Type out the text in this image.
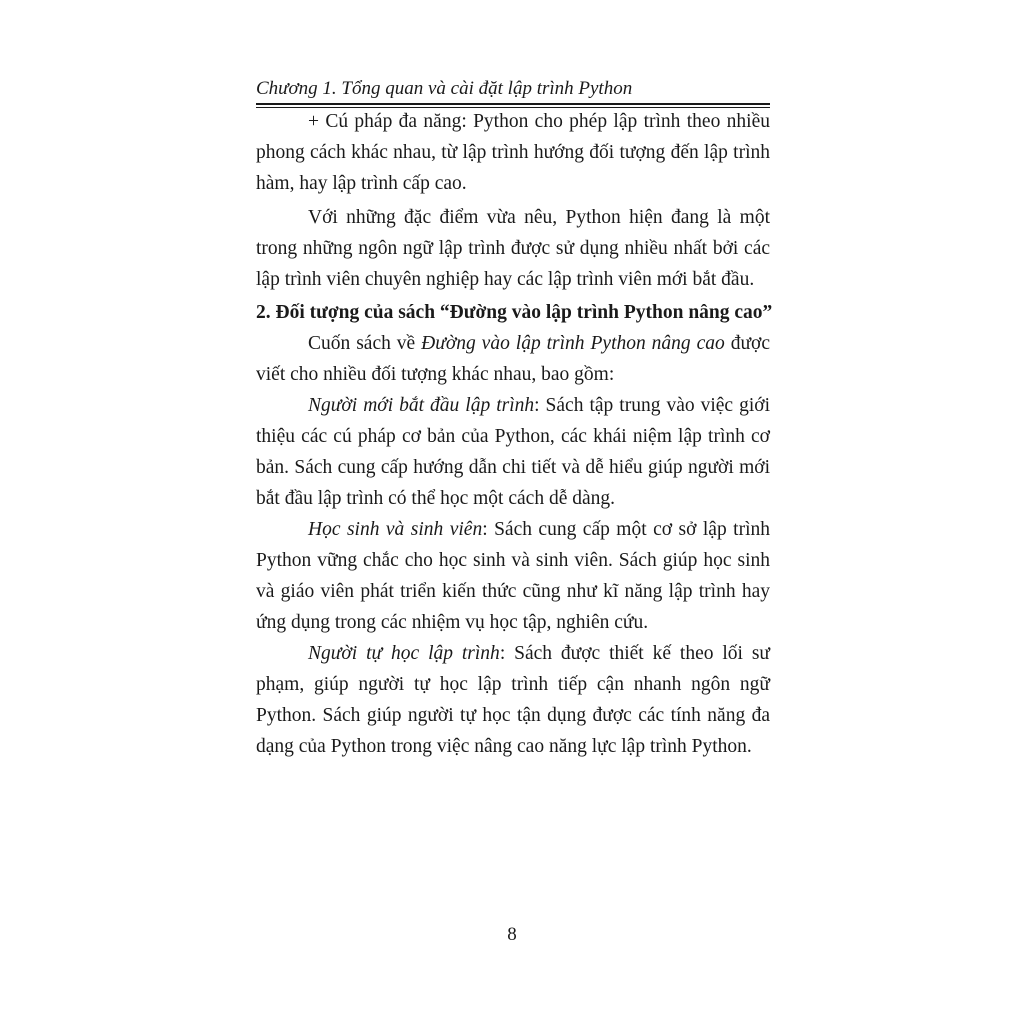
Chương 1. Tổng quan và cài đặt lập trình Python

+ Cú pháp đa năng: Python cho phép lập trình theo nhiều phong cách khác nhau, từ lập trình hướng đối tượng đến lập trình hàm, hay lập trình cấp cao.

Với những đặc điểm vừa nêu, Python hiện đang là một trong những ngôn ngữ lập trình được sử dụng nhiều nhất bởi các lập trình viên chuyên nghiệp hay các lập trình viên mới bắt đầu.

2. Đối tượng của sách “Đường vào lập trình Python nâng cao”

Cuốn sách về Đường vào lập trình Python nâng cao được viết cho nhiều đối tượng khác nhau, bao gồm:

Người mới bắt đầu lập trình: Sách tập trung vào việc giới thiệu các cú pháp cơ bản của Python, các khái niệm lập trình cơ bản. Sách cung cấp hướng dẫn chi tiết và dễ hiểu giúp người mới bắt đầu lập trình có thể học một cách dễ dàng.

Học sinh và sinh viên: Sách cung cấp một cơ sở lập trình Python vững chắc cho học sinh và sinh viên. Sách giúp học sinh và giáo viên phát triển kiến thức cũng như kĩ năng lập trình hay ứng dụng trong các nhiệm vụ học tập, nghiên cứu.

Người tự học lập trình: Sách được thiết kế theo lối sư phạm, giúp người tự học lập trình tiếp cận nhanh ngôn ngữ Python. Sách giúp người tự học tận dụng được các tính năng đa dạng của Python trong việc nâng cao năng lực lập trình Python.

8
